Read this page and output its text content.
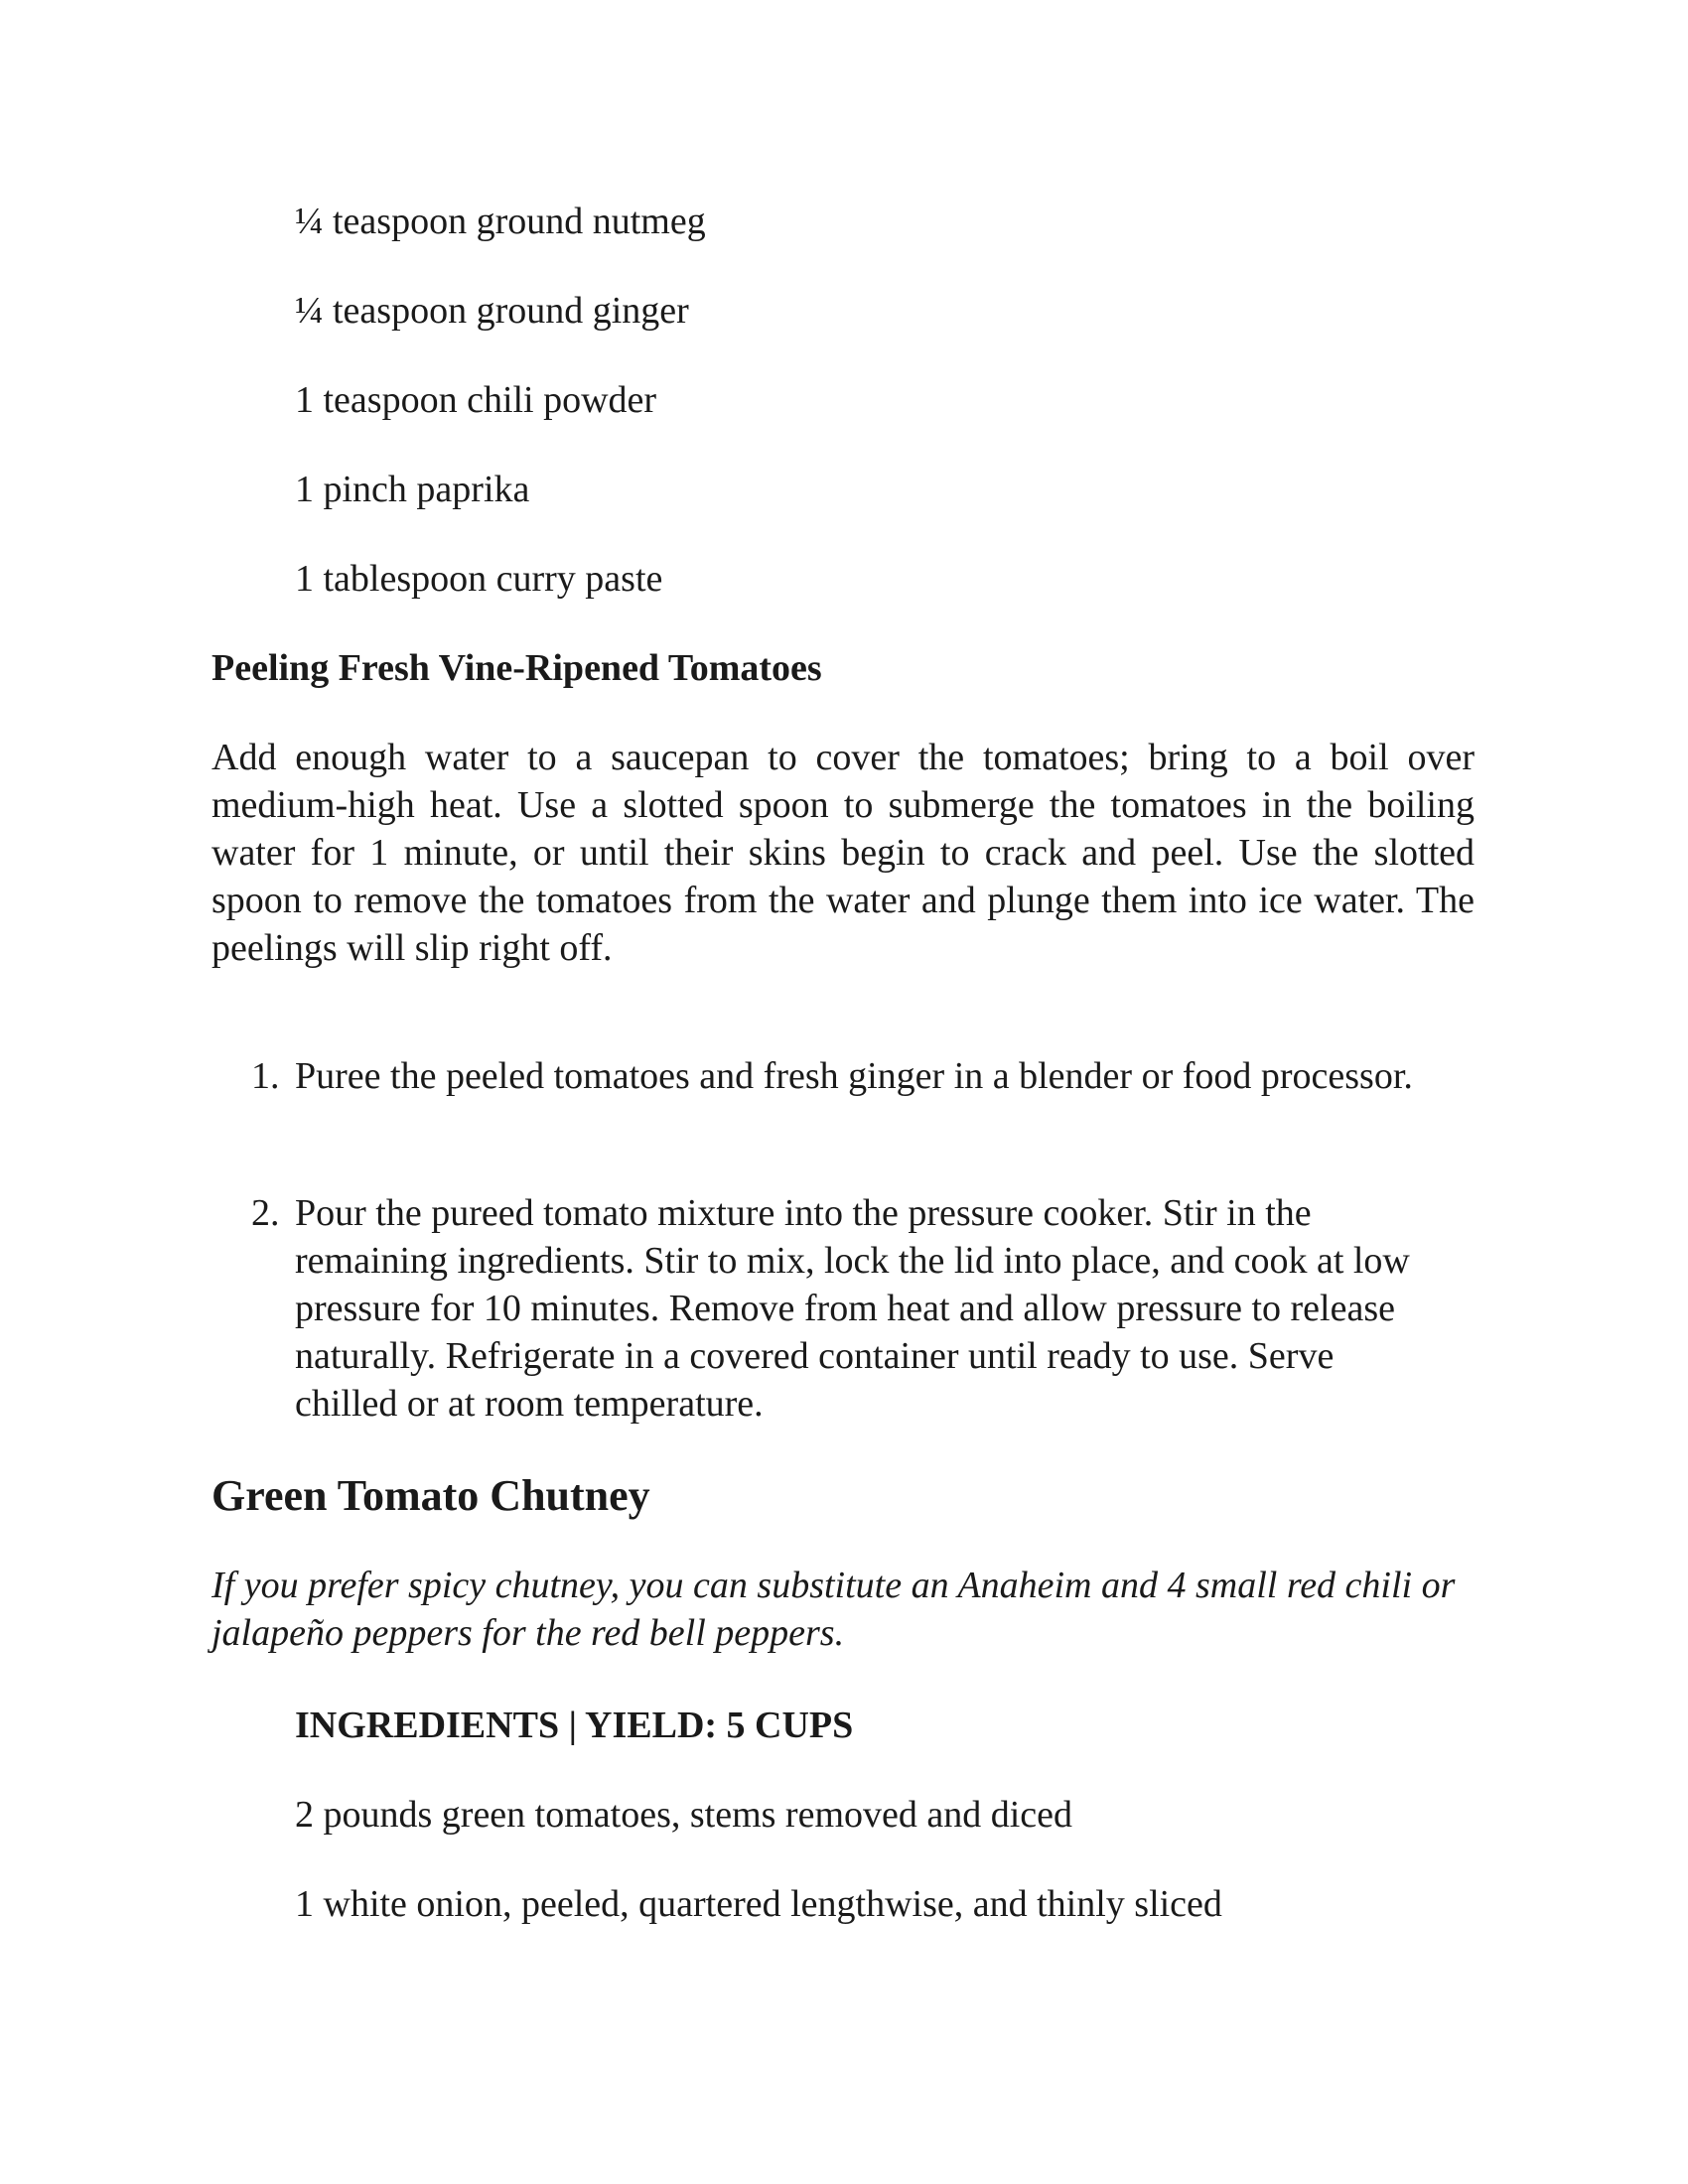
¼ teaspoon ground nutmeg
¼ teaspoon ground ginger
1 teaspoon chili powder
1 pinch paprika
1 tablespoon curry paste
Peeling Fresh Vine-Ripened Tomatoes
Add enough water to a saucepan to cover the tomatoes; bring to a boil over medium-high heat. Use a slotted spoon to submerge the tomatoes in the boiling water for 1 minute, or until their skins begin to crack and peel. Use the slotted spoon to remove the tomatoes from the water and plunge them into ice water. The peelings will slip right off.
1. Puree the peeled tomatoes and fresh ginger in a blender or food processor.
2. Pour the pureed tomato mixture into the pressure cooker. Stir in the remaining ingredients. Stir to mix, lock the lid into place, and cook at low pressure for 10 minutes. Remove from heat and allow pressure to release naturally. Refrigerate in a covered container until ready to use. Serve chilled or at room temperature.
Green Tomato Chutney
If you prefer spicy chutney, you can substitute an Anaheim and 4 small red chili or jalapeño peppers for the red bell peppers.
INGREDIENTS | YIELD: 5 CUPS
2 pounds green tomatoes, stems removed and diced
1 white onion, peeled, quartered lengthwise, and thinly sliced
